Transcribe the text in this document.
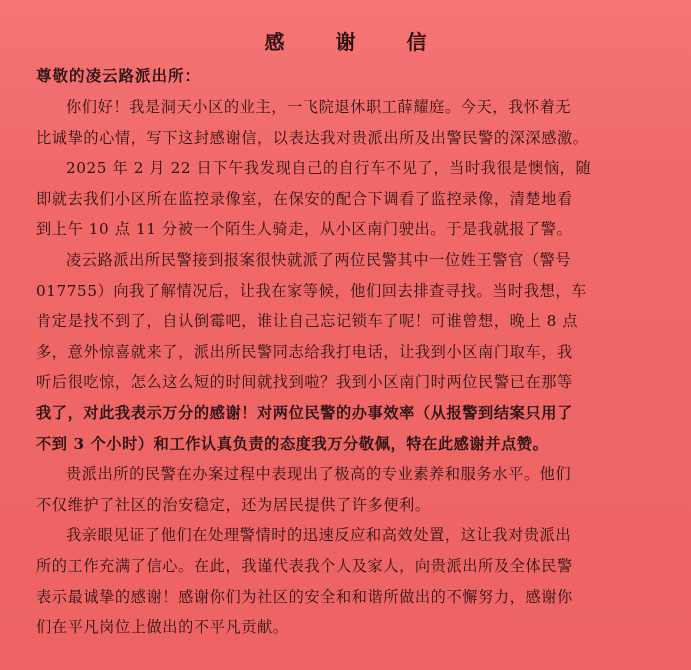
感 谢 信
尊敬的凌云路派出所：
你们好！我是洞天小区的业主，一飞院退休职工薛耀庭。今天，我怀着无
比诚挚的心情，写下这封感谢信，以表达我对贵派出所及出警民警的深深感激。
2025 年 2 月 22 日下午我发现自己的自行车不见了，当时我很是懊恼，随
即就去我们小区所在监控录像室，在保安的配合下调看了监控录像，清楚地看
到上午 10 点 11 分被一个陌生人骑走，从小区南门驶出。于是我就报了警。
凌云路派出所民警接到报案很快就派了两位民警其中一位姓王警官（警号
017755）向我了解情况后，让我在家等候，他们回去排查寻找。当时我想，车
肯定是找不到了，自认倒霉吧，谁让自己忘记锁车了呢！可谁曾想，晚上 8 点
多，意外惊喜就来了，派出所民警同志给我打电话，让我到小区南门取车，我
听后很吃惊，怎么这么短的时间就找到啦？我到小区南门时两位民警已在那等
我了，对此我表示万分的感谢！对两位民警的办事效率（从报警到结案只用了
不到 3 个小时）和工作认真负责的态度我万分敬佩，特在此感谢并点赞。
贵派出所的民警在办案过程中表现出了极高的专业素养和服务水平。他们
不仅维护了社区的治安稳定，还为居民提供了许多便利。
我亲眼见证了他们在处理警情时的迅速反应和高效处置，这让我对贵派出
所的工作充满了信心。在此，我谨代表我个人及家人，向贵派出所及全体民警
表示最诚挚的感谢！感谢你们为社区的安全和和谐所做出的不懈努力，感谢你
们在平凡岗位上做出的不平凡贡献。
